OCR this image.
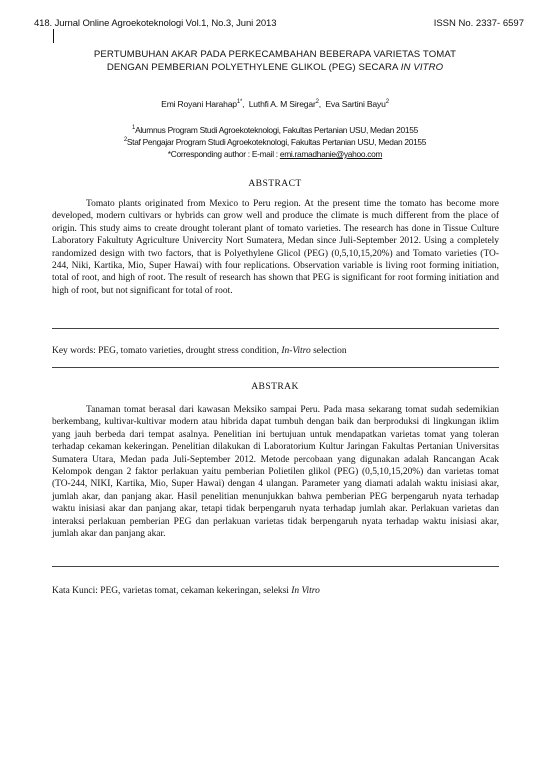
418. Jurnal Online Agroekoteknologi Vol.1, No.3, Juni 2013	ISSN No. 2337- 6597
PERTUMBUHAN AKAR PADA PERKECAMBAHAN BEBERAPA VARIETAS TOMAT
DENGAN PEMBERIAN POLYETHYLENE GLIKOL (PEG) SECARA IN VITRO
Emi Royani Harahap$^{1*}$,  Luthfi A. M Siregar$^2$,  Eva Sartini Bayu$^2$
$^1$Alumnus Program Studi Agroekoteknologi, Fakultas Pertanian USU, Medan 20155
$^2$Staf Pengajar Program Studi Agroekoteknologi, Fakultas Pertanian USU, Medan 20155
*Corresponding author : E-mail : emi.ramadhanie@yahoo.com
ABSTRACT

Tomato plants originated from Mexico to Peru region. At the present time the tomato has become more developed, modern cultivars or hybrids can grow well and produce the climate is much different from the place of origin. This study aims to create drought tolerant plant of tomato varieties. The research has done in Tissue Culture Laboratory Fakultuty Agriculture Univercity Nort Sumatera, Medan since Juli-September 2012. Using a completely randomized design with two factors, that is Polyethylene Glicol (PEG) (0,5,10,15,20%) and Tomato varieties (TO-244, Niki, Kartika, Mio, Super Hawai) with four replications. Observation variable is living root forming initiation, total of root, and high of root. The result of research has shown that PEG is significant for root forming initiation and high of root, but not significant for total of root.

Key words: PEG, tomato varieties, drought stress condition, In-Vitro selection
ABSTRAK

Tanaman tomat berasal dari kawasan Meksiko sampai Peru. Pada masa sekarang tomat sudah sedemikian berkembang, kultivar-kultivar modern atau hibrida dapat tumbuh dengan baik dan berproduksi di lingkungan iklim yang jauh berbeda dari tempat asalnya. Penelitian ini bertujuan untuk mendapatkan varietas tomat yang toleran terhadap cekaman kekeringan. Penelitian dilakukan di Laboratorium Kultur Jaringan Fakultas Pertanian Universitas Sumatera Utara, Medan pada Juli-September 2012. Metode percobaan yang digunakan adalah Rancangan Acak Kelompok dengan 2 faktor perlakuan yaitu pemberian Polietilen glikol (PEG) (0,5,10,15,20%) dan varietas tomat (TO-244, NIKI, Kartika, Mio, Super Hawai) dengan 4 ulangan. Parameter yang diamati adalah waktu inisiasi akar, jumlah akar, dan panjang akar. Hasil penelitian menunjukkan bahwa pemberian PEG berpengaruh nyata terhadap waktu inisiasi akar dan panjang akar, tetapi tidak berpengaruh nyata terhadap jumlah akar. Perlakuan varietas dan interaksi perlakuan pemberian PEG dan perlakuan varietas tidak berpengaruh nyata terhadap waktu inisiasi akar, jumlah akar dan panjang akar.

Kata Kunci: PEG, varietas tomat, cekaman kekeringan, seleksi In Vitro
